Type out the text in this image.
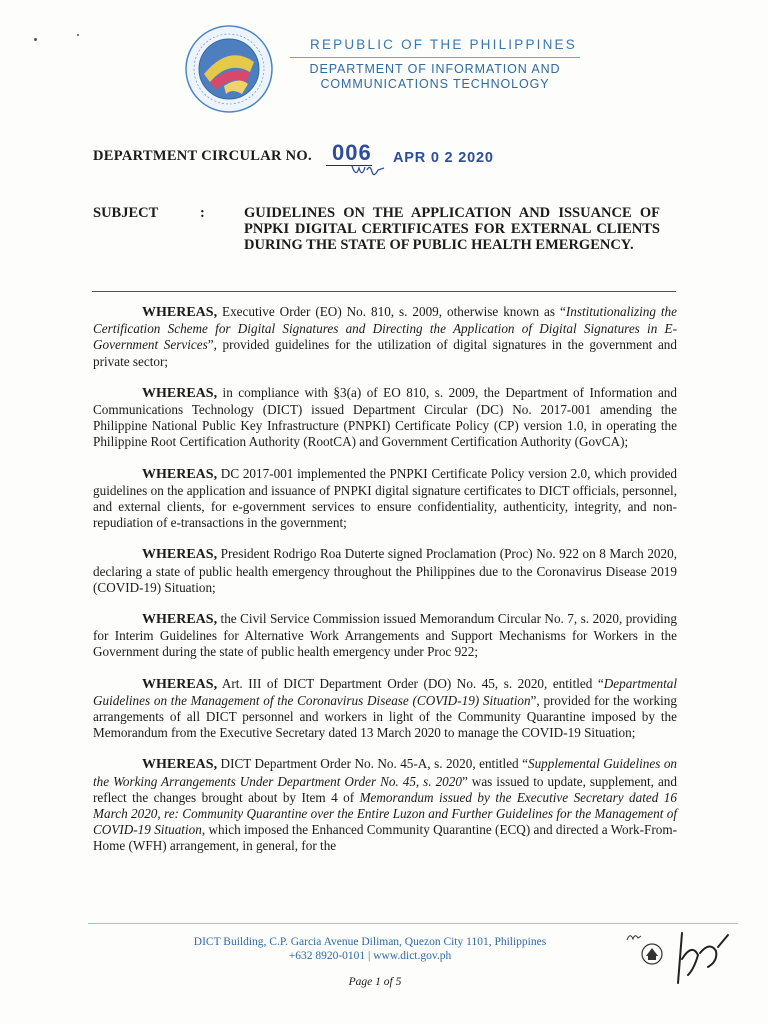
REPUBLIC OF THE PHILIPPINES
DEPARTMENT OF INFORMATION AND
COMMUNICATIONS TECHNOLOGY
DEPARTMENT CIRCULAR NO. 006 APR 0 2 2020
SUBJECT	:	GUIDELINES ON THE APPLICATION AND ISSUANCE OF PNPKI DIGITAL CERTIFICATES FOR EXTERNAL CLIENTS DURING THE STATE OF PUBLIC HEALTH EMERGENCY.

WHEREAS, Executive Order (EO) No. 810, s. 2009, otherwise known as “Institutionalizing the Certification Scheme for Digital Signatures and Directing the Application of Digital Signatures in E-Government Services”, provided guidelines for the utilization of digital signatures in the government and private sector;

WHEREAS, in compliance with §3(a) of EO 810, s. 2009, the Department of Information and Communications Technology (DICT) issued Department Circular (DC) No. 2017-001 amending the Philippine National Public Key Infrastructure (PNPKI) Certificate Policy (CP) version 1.0, in operating the Philippine Root Certification Authority (RootCA) and Government Certification Authority (GovCA);

WHEREAS, DC 2017-001 implemented the PNPKI Certificate Policy version 2.0, which provided guidelines on the application and issuance of PNPKI digital signature certificates to DICT officials, personnel, and external clients, for e-government services to ensure confidentiality, authenticity, integrity, and non-repudiation of e-transactions in the government;

WHEREAS, President Rodrigo Roa Duterte signed Proclamation (Proc) No. 922 on 8 March 2020, declaring a state of public health emergency throughout the Philippines due to the Coronavirus Disease 2019 (COVID-19) Situation;

WHEREAS, the Civil Service Commission issued Memorandum Circular No. 7, s. 2020, providing for Interim Guidelines for Alternative Work Arrangements and Support Mechanisms for Workers in the Government during the state of public health emergency under Proc 922;

WHEREAS, Art. III of DICT Department Order (DO) No. 45, s. 2020, entitled “Departmental Guidelines on the Management of the Coronavirus Disease (COVID-19) Situation”, provided for the working arrangements of all DICT personnel and workers in light of the Community Quarantine imposed by the Memorandum from the Executive Secretary dated 13 March 2020 to manage the COVID-19 Situation;

WHEREAS, DICT Department Order No. No. 45-A, s. 2020, entitled “Supplemental Guidelines on the Working Arrangements Under Department Order No. 45, s. 2020” was issued to update, supplement, and reflect the changes brought about by Item 4 of Memorandum issued by the Executive Secretary dated 16 March 2020, re: Community Quarantine over the Entire Luzon and Further Guidelines for the Management of COVID-19 Situation, which imposed the Enhanced Community Quarantine (ECQ) and directed a Work-From-Home (WFH) arrangement, in general, for the

DICT Building, C.P. Garcia Avenue Diliman, Quezon City 1101, Philippines
+632 8920-0101 | www.dict.gov.ph
Page 1 of 5
